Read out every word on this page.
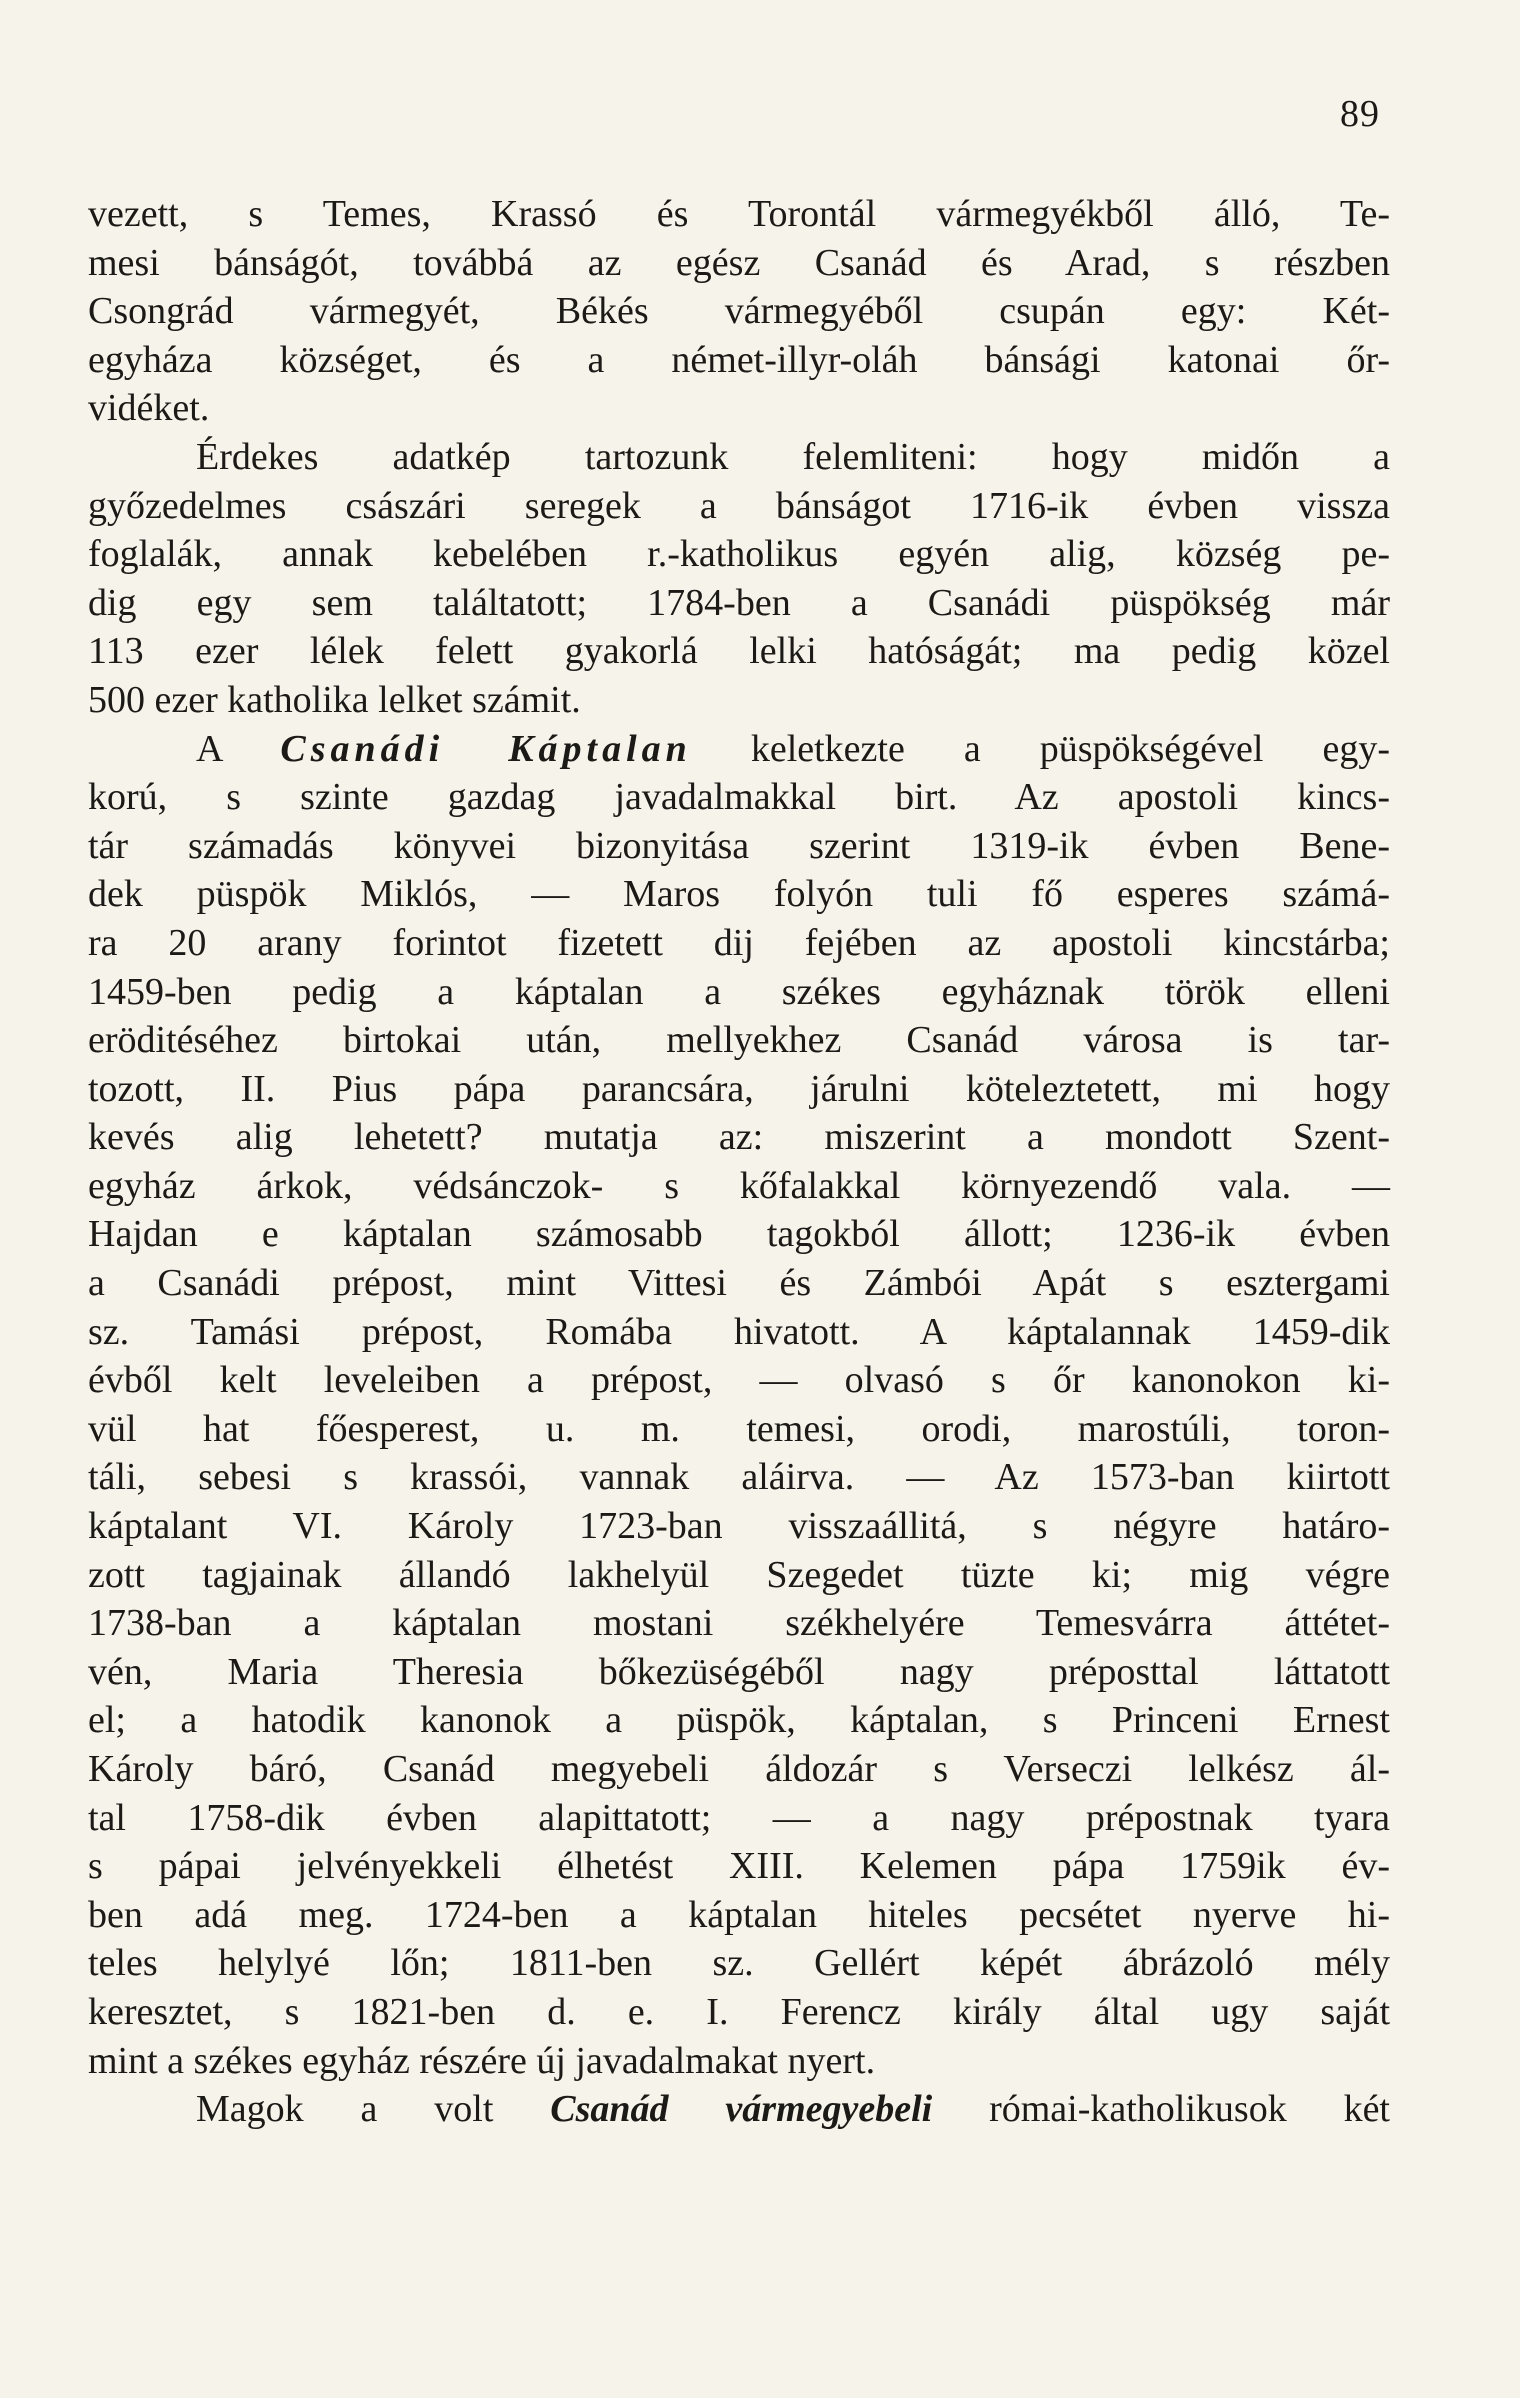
89
vezett, s Temes, Krassó és Torontál vármegyékből álló, Te-
mesi bánságót, továbbá az egész Csanád és Arad, s részben
Csongrád vármegyét, Békés vármegyéből csupán egy: Két-
egyháza községet, és a német-illyr-oláh bánsági katonai őr-
vidéket.
Érdekes adatkép tartozunk felemliteni: hogy midőn a
győzedelmes császári seregek a bánságot 1716-ik évben vissza
foglalák, annak kebelében r.-katholikus egyén alig, község pe-
dig egy sem találtatott; 1784-ben a Csanádi püspökség már
113 ezer lélek felett gyakorlá lelki hatóságát; ma pedig közel
500 ezer katholika lelket számit.
A Csanádi Káptalan keletkezte a püspökségével egy-
korú, s szinte gazdag javadalmakkal birt. Az apostoli kincs-
tár számadás könyvei bizonyitása szerint 1319-ik évben Bene-
dek püspök Miklós, — Maros folyón tuli fő esperes számá-
ra 20 arany forintot fizetett dij fejében az apostoli kincstárba;
1459-ben pedig a káptalan a székes egyháznak török elleni
eröditéséhez birtokai után, mellyekhez Csanád városa is tar-
tozott, II. Pius pápa parancsára, járulni köteleztetett, mi hogy
kevés alig lehetett? mutatja az: miszerint a mondott Szent-
egyház árkok, védsánczok- s kőfalakkal környezendő vala. —
Hajdan e káptalan számosabb tagokból állott; 1236-ik évben
a Csanádi prépost, mint Vittesi és Zámbói Apát s esztergami
sz. Tamási prépost, Romába hivatott. A káptalannak 1459-dik
évből kelt leveleiben a prépost, — olvasó s őr kanonokon ki-
vül hat főesperest, u. m. temesi, orodi, marostúli, toron-
táli, sebesi s krassói, vannak aláirva. — Az 1573-ban kiirtott
káptalant VI. Károly 1723-ban visszaállitá, s négyre határo-
zott tagjainak állandó lakhelyül Szegedet tüzte ki; mig végre
1738-ban a káptalan mostani székhelyére Temesvárra áttétet-
vén, Maria Theresia bőkezüségéből nagy préposttal láttatott
el; a hatodik kanonok a püspök, káptalan, s Princeni Ernest
Károly báró, Csanád megyebeli áldozár s Verseczi lelkész ál-
tal 1758-dik évben alapittatott; — a nagy prépostnak tyara
s pápai jelvényekkeli élhetést XIII. Kelemen pápa 1759ik év-
ben adá meg. 1724-ben a káptalan hiteles pecsétet nyerve hi-
teles helylyé lőn; 1811-ben sz. Gellért képét ábrázoló mély
keresztet, s 1821-ben d. e. I. Ferencz király által ugy saját
mint a székes egyház részére új javadalmakat nyert.
Magok a volt Csanád vármegyebeli római-katholikusok két
